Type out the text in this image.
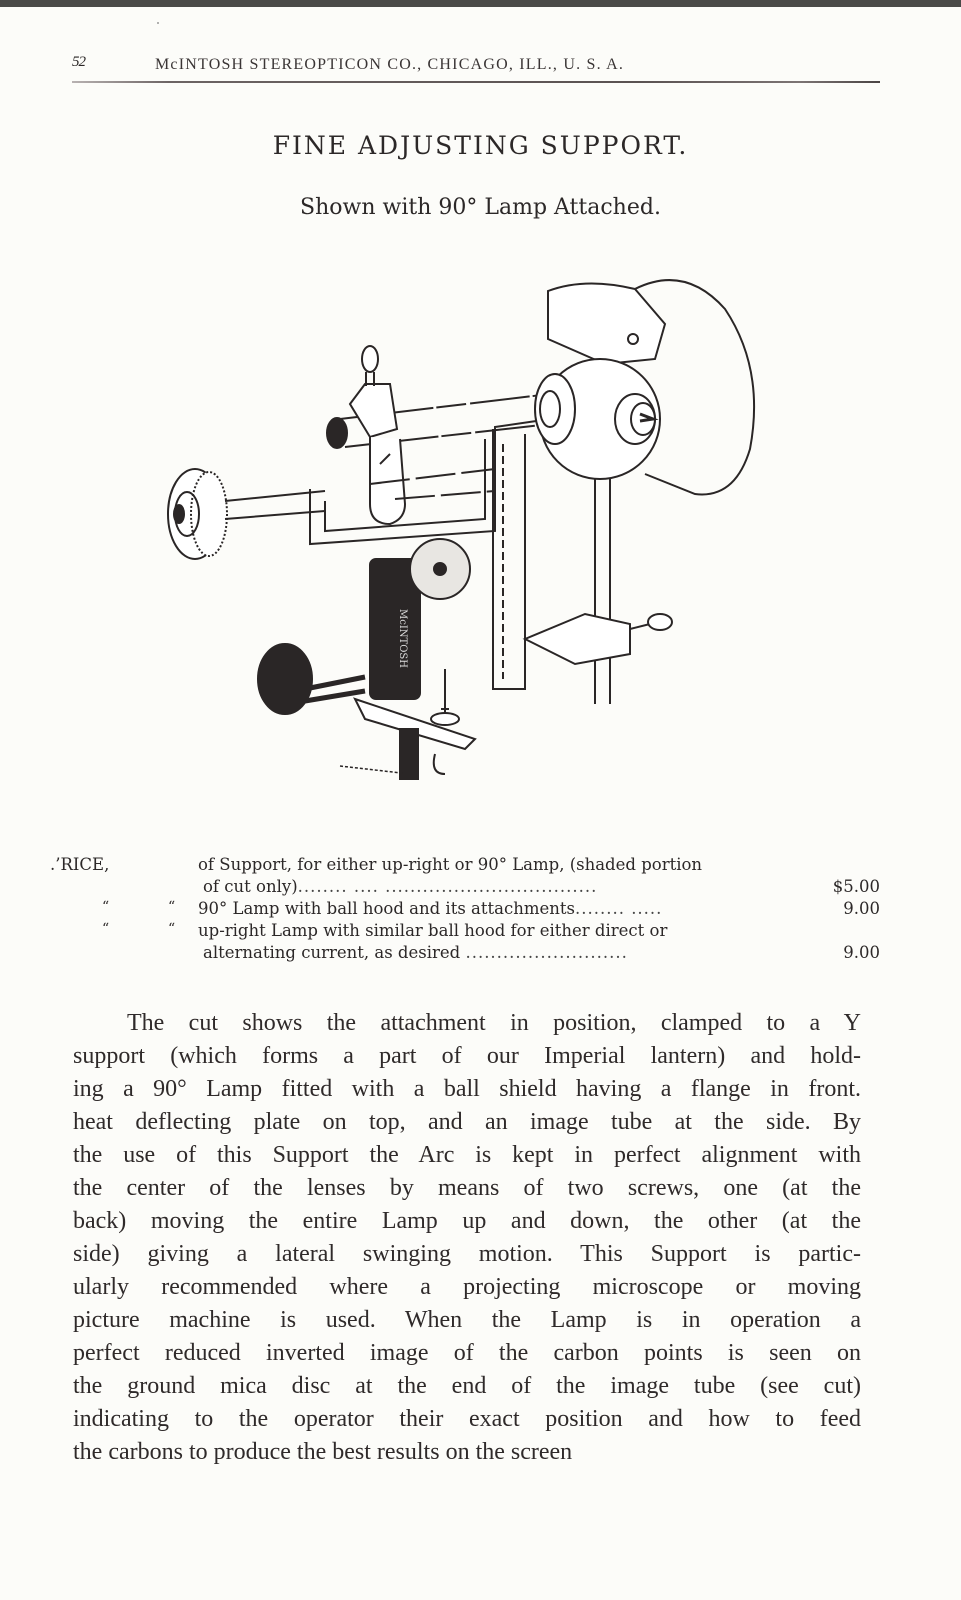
52	McINTOSH STEREOPTICON CO., CHICAGO, ILL., U. S. A.
FINE ADJUSTING SUPPORT.
Shown with 90° Lamp Attached.
McINTOSH
.’RICE,	of Support, for either up-right or 90° Lamp, (shaded portion
of cut only)........ .... ..................................	$5.00
“	“ 90° Lamp with ball hood and its attachments........ .....	9.00
“	“ up-right Lamp with similar ball hood for either direct or
alternating current, as desired ..........................	9.00
The cut shows the attachment in position, clamped to a Y
support (which forms a part of our Imperial lantern) and hold-
ing a 90° Lamp fitted with a ball shield having a flange in front.
heat deflecting plate on top, and an image tube at the side. By
the use of this Support the Arc is kept in perfect alignment with
the center of the lenses by means of two screws, one (at the
back) moving the entire Lamp up and down, the other (at the
side) giving a lateral swinging motion. This Support is partic-
ularly recommended where a projecting microscope or moving
picture machine is used. When the Lamp is in operation a
perfect reduced inverted image of the carbon points is seen on
the ground mica disc at the end of the image tube (see cut)
indicating to the operator their exact position and how to feed
the carbons to produce the best results on the screen
